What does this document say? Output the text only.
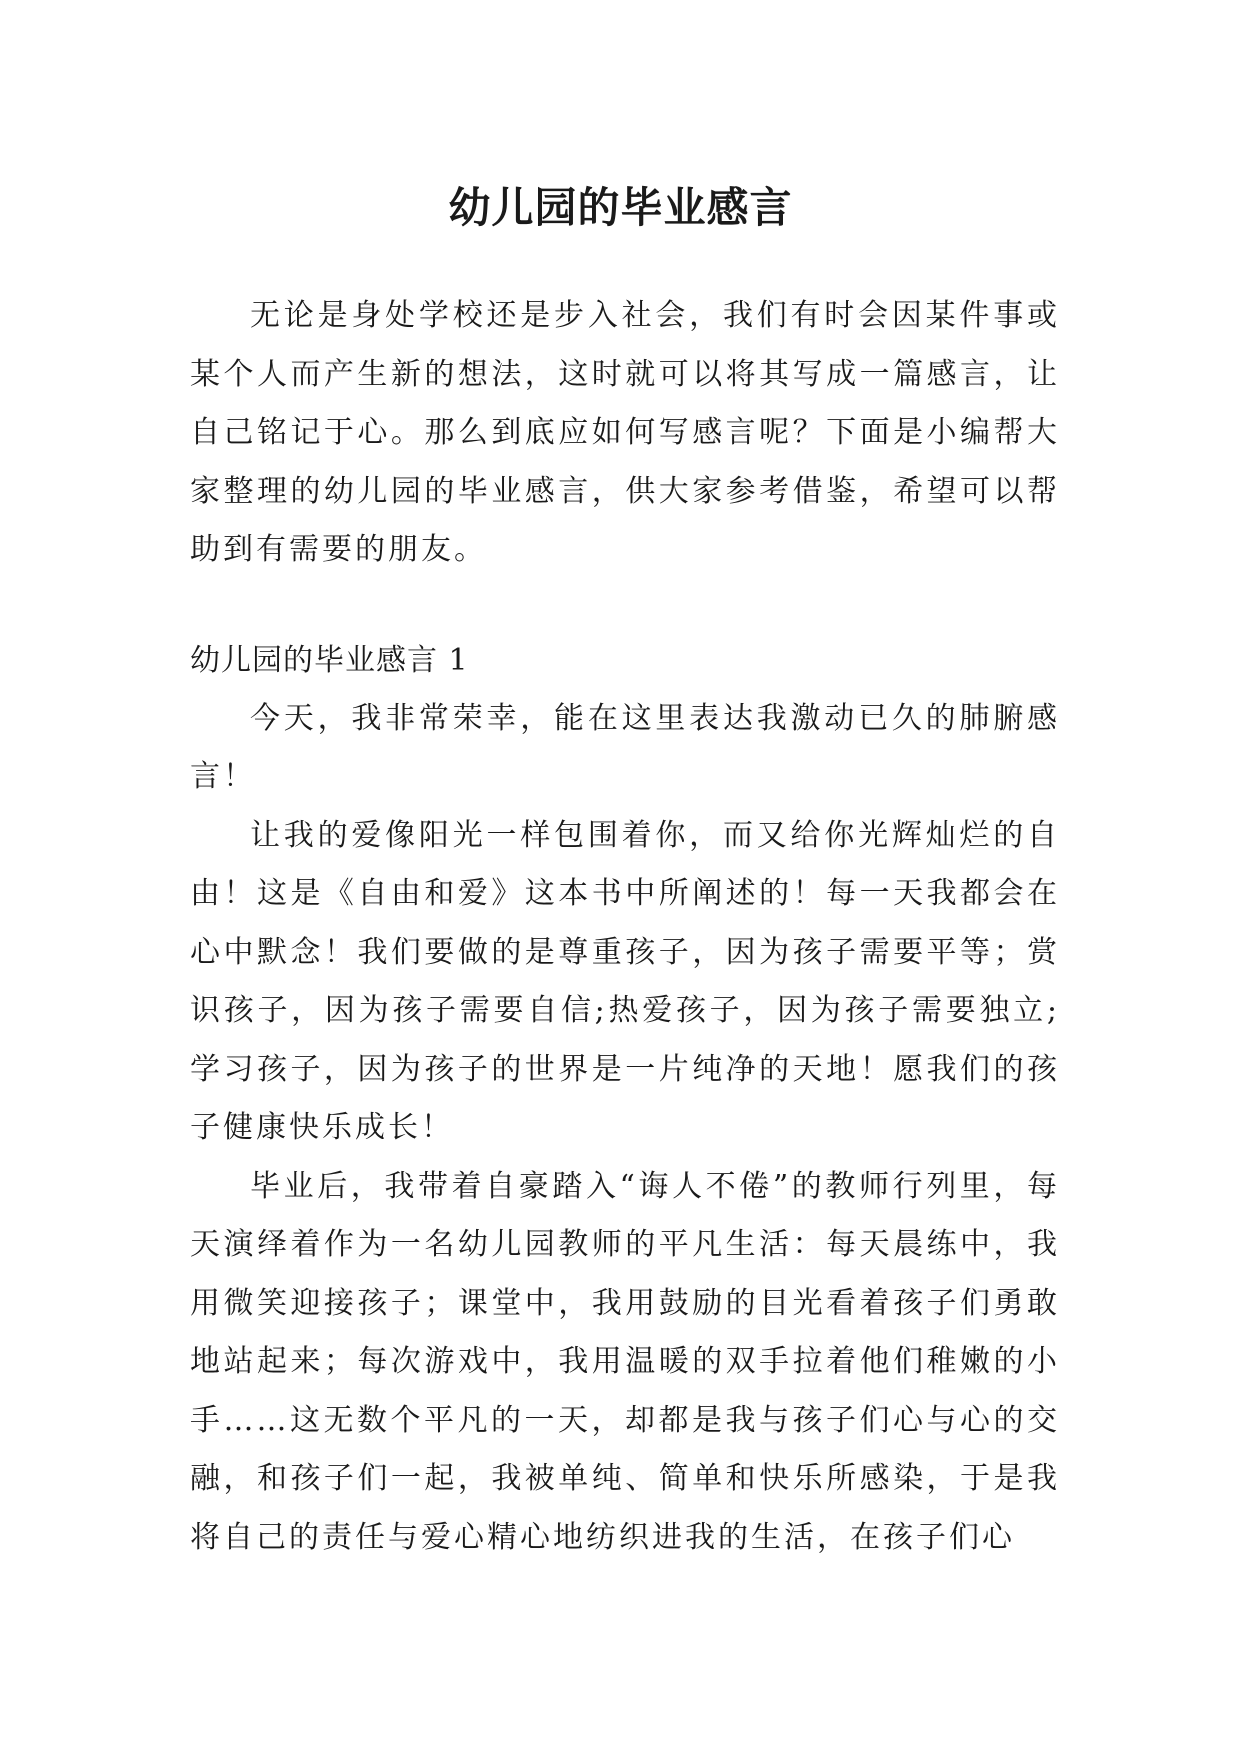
幼儿园的毕业感言

无论是身处学校还是步入社会，我们有时会因某件事或某个人而产生新的想法，这时就可以将其写成一篇感言，让自己铭记于心。那么到底应如何写感言呢？下面是小编帮大家整理的幼儿园的毕业感言，供大家参考借鉴，希望可以帮助到有需要的朋友。

幼儿园的毕业感言 1

今天，我非常荣幸，能在这里表达我激动已久的肺腑感言！

让我的爱像阳光一样包围着你，而又给你光辉灿烂的自由！这是《自由和爱》这本书中所阐述的！每一天我都会在心中默念！我们要做的是尊重孩子，因为孩子需要平等；赏识孩子，因为孩子需要自信;热爱孩子，因为孩子需要独立;学习孩子，因为孩子的世界是一片纯净的天地！愿我们的孩子健康快乐成长！

毕业后，我带着自豪踏入“诲人不倦”的教师行列里，每天演绎着作为一名幼儿园教师的平凡生活：每天晨练中，我用微笑迎接孩子；课堂中，我用鼓励的目光看着孩子们勇敢地站起来；每次游戏中，我用温暖的双手拉着他们稚嫩的小手……这无数个平凡的一天，却都是我与孩子们心与心的交融，和孩子们一起，我被单纯、简单和快乐所感染，于是我将自己的责任与爱心精心地纺织进我的生活，在孩子们心
